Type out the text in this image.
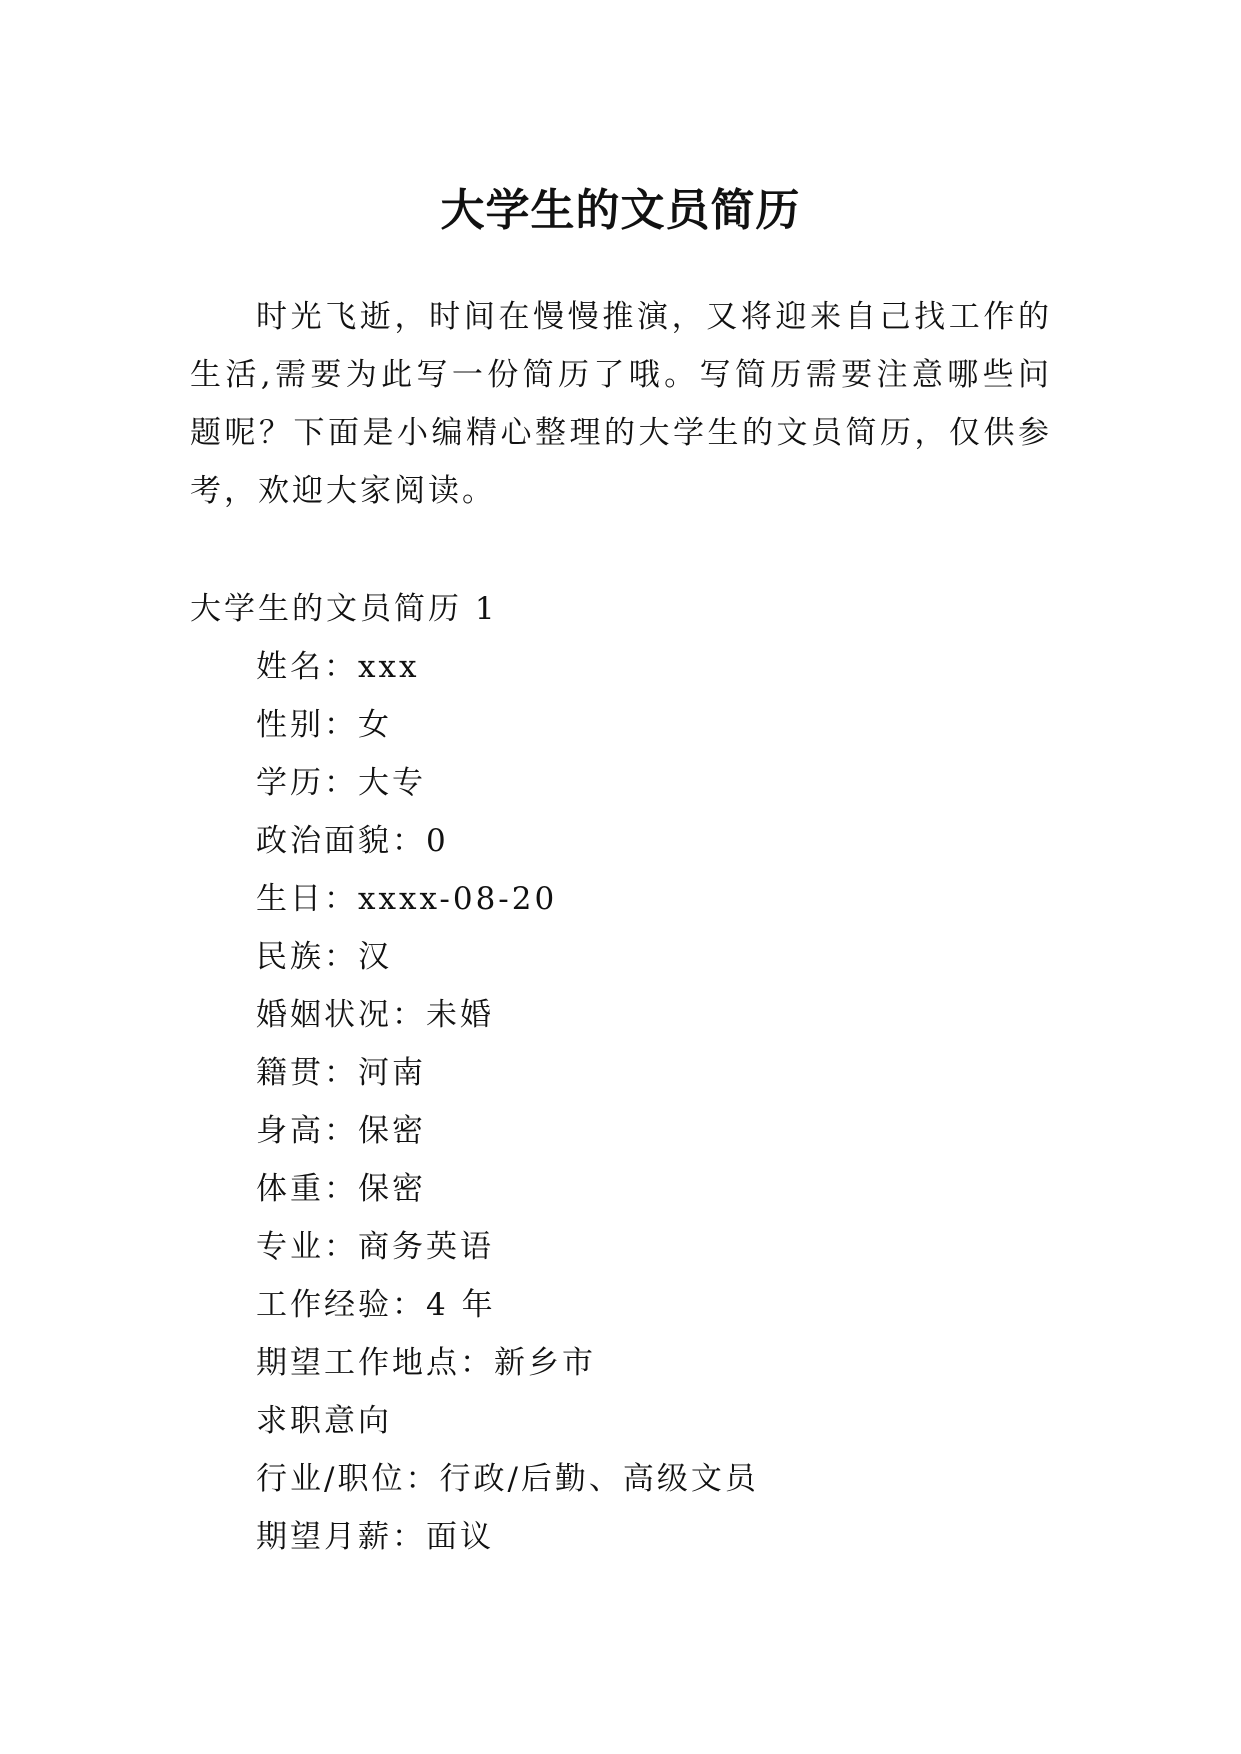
大学生的文员简历

时光飞逝，时间在慢慢推演，又将迎来自己找工作的生活,需要为此写一份简历了哦。写简历需要注意哪些问题呢？下面是小编精心整理的大学生的文员简历，仅供参考，欢迎大家阅读。

大学生的文员简历 1

姓名：xxx
性别：女
学历：大专
政治面貌：0
生日：xxxx-08-20
民族：汉
婚姻状况：未婚
籍贯：河南
身高：保密
体重：保密
专业：商务英语
工作经验：4 年
期望工作地点：新乡市
求职意向
行业/职位：行政/后勤、高级文员
期望月薪：面议
